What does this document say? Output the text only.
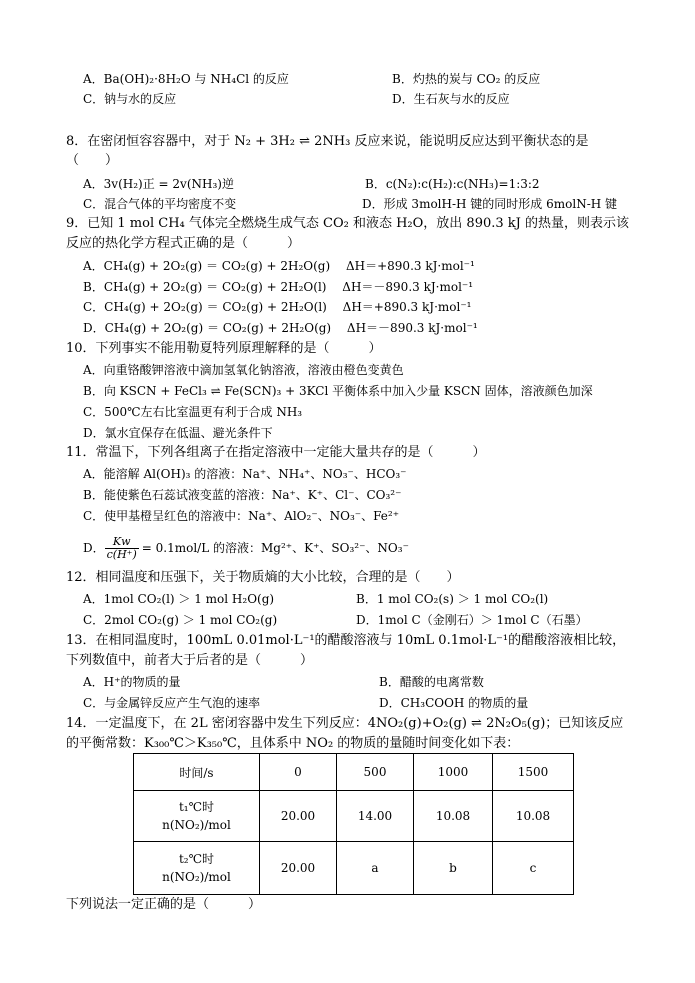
A．Ba(OH)₂·8H₂O 与 NH₄Cl 的反应	B．灼热的炭与 CO₂ 的反应
C．钠与水的反应	D．生石灰与水的反应
8．在密闭恒容容器中，对于 N₂ + 3H₂ ⇌ 2NH₃ 反应来说，能说明反应达到平衡状态的是
（　　）
A．3v(H₂)正 = 2v(NH₃)逆	B．c(N₂):c(H₂):c(NH₃)=1:3:2
C．混合气体的平均密度不变	D．形成 3molH-H 键的同时形成 6molN-H 键
9．已知 1 mol CH₄ 气体完全燃烧生成气态 CO₂ 和液态 H₂O，放出 890.3 kJ 的热量，则表示该
反应的热化学方程式正确的是（　　　）
A．CH₄(g) + 2O₂(g) ＝ CO₂(g) + 2H₂O(g)　 ΔH＝+890.3 kJ·mol⁻¹
B．CH₄(g) + 2O₂(g) ＝ CO₂(g) + 2H₂O(l)　 ΔH＝－890.3 kJ·mol⁻¹
C．CH₄(g) + 2O₂(g) ＝ CO₂(g) + 2H₂O(l)　 ΔH＝+890.3 kJ·mol⁻¹
D．CH₄(g) + 2O₂(g) ＝ CO₂(g) + 2H₂O(g)　 ΔH＝－890.3 kJ·mol⁻¹
10．下列事实不能用勒夏特列原理解释的是（　　　）
A．向重铬酸钾溶液中滴加氢氧化钠溶液，溶液由橙色变黄色
B．向 KSCN + FeCl₃ ⇌ Fe(SCN)₃ + 3KCl 平衡体系中加入少量 KSCN 固体，溶液颜色加深
C．500℃左右比室温更有利于合成 NH₃
D．氯水宜保存在低温、避光条件下
11．常温下，下列各组离子在指定溶液中一定能大量共存的是（　　　）
A．能溶解 Al(OH)₃ 的溶液：Na⁺、NH₄⁺、NO₃⁻、HCO₃⁻
B．能使紫色石蕊试液变蓝的溶液：Na⁺、K⁺、Cl⁻、CO₃²⁻
C．使甲基橙呈红色的溶液中：Na⁺、AlO₂⁻、NO₃⁻、Fe²⁺
D． $\frac{Kw}{c(H^+)} = 0.1mol/L$ 的溶液：Mg²⁺、K⁺、SO₃²⁻、NO₃⁻
12．相同温度和压强下，关于物质熵的大小比较，合理的是（　　）
A．1mol CO₂(l) ＞ 1 mol H₂O(g)	B．1 mol CO₂(s) ＞ 1 mol CO₂(l)
C．2mol CO₂(g) ＞ 1 mol CO₂(g)	D．1mol C（金刚石）＞ 1mol C（石墨）
13．在相同温度时，100mL 0.01mol·L⁻¹的醋酸溶液与 10mL 0.1mol·L⁻¹的醋酸溶液相比较，
下列数值中，前者大于后者的是（　　　）
A．H⁺的物质的量	B．醋酸的电离常数
C．与金属锌反应产生气泡的速率	D．CH₃COOH 的物质的量
14．一定温度下，在 2L 密闭容器中发生下列反应：4NO₂(g)+O₂(g) ⇌ 2N₂O₅(g)；已知该反应
的平衡常数：K₃₀₀℃＞K₃₅₀℃，且体系中 NO₂ 的物质的量随时间变化如下表：
时间/s	0	500	1000	1500

t₁℃时
n(NO₂)/mol	20.00	14.00	10.08	10.08

t₂℃时
n(NO₂)/mol	20.00	a	b	c
下列说法一定正确的是（　　　）
